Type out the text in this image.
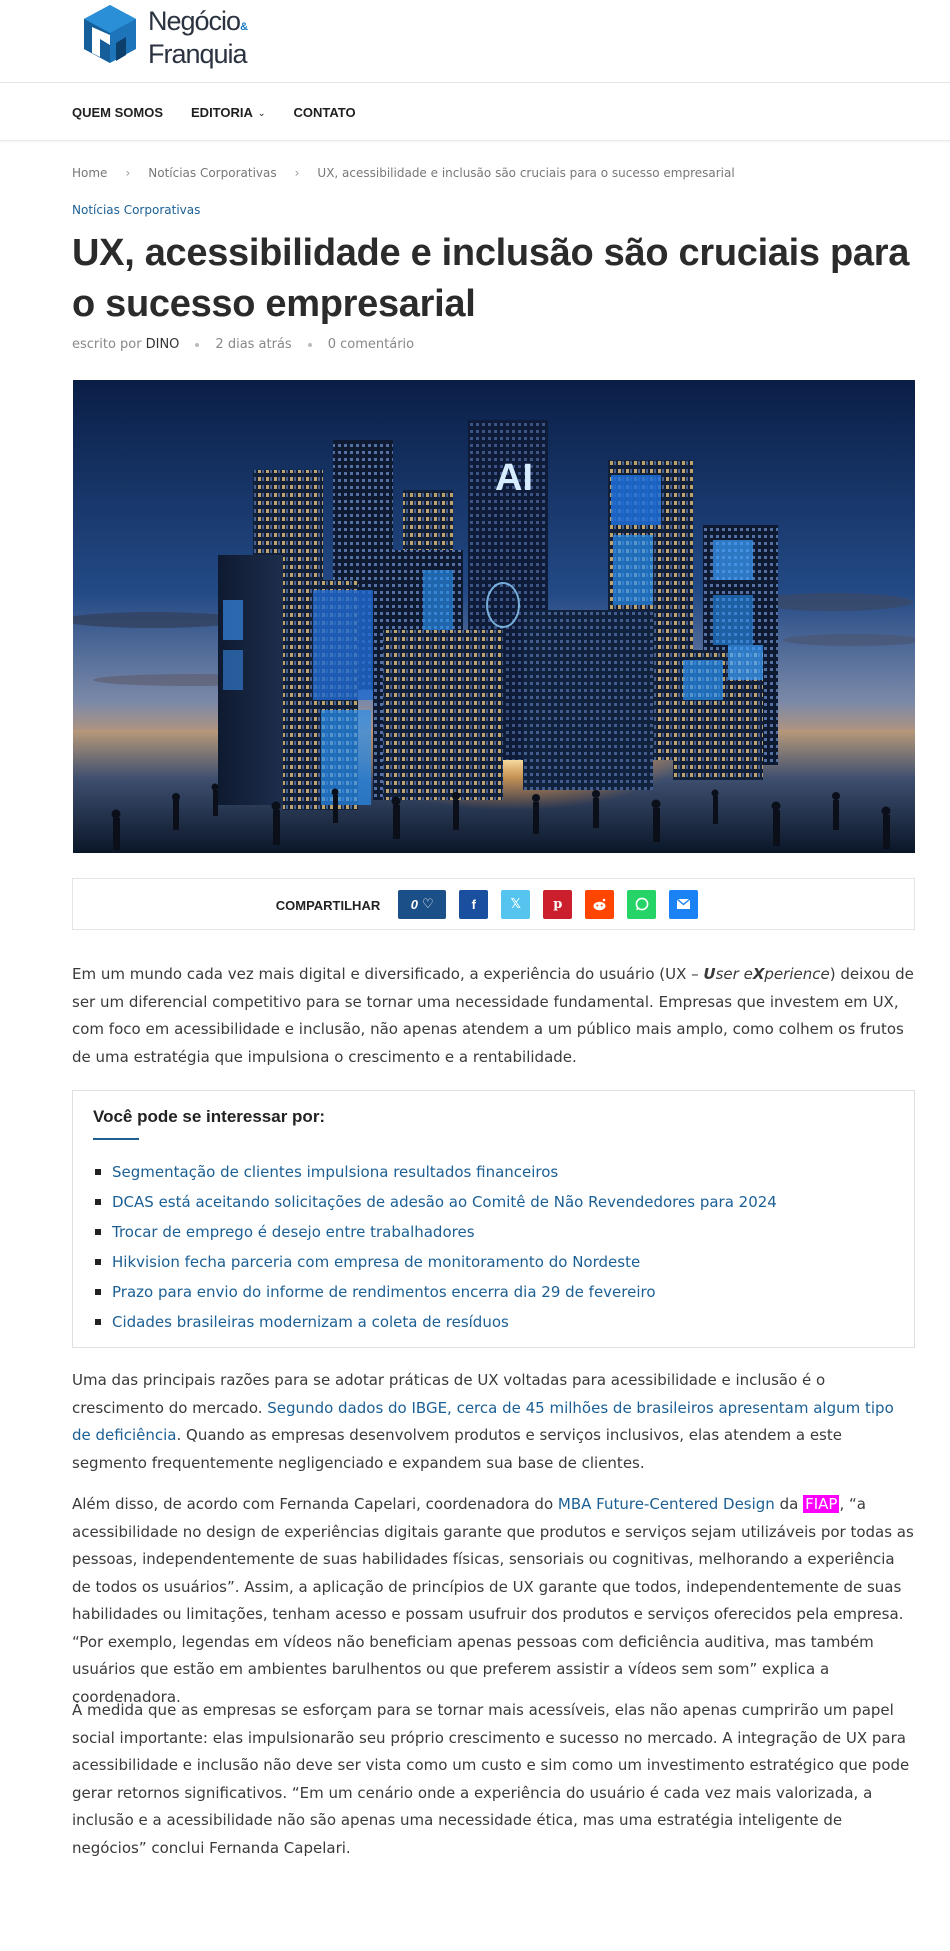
Negócio&
Franquia
QUEM SOMOS EDITORIA ⌄ CONTATO
Home › Notícias Corporativas › UX, acessibilidade e inclusão são cruciais para o sucesso empresarial
Notícias Corporativas
UX, acessibilidade e inclusão são cruciais para o sucesso empresarial
escrito por DINO	2 dias atrás	0 comentário
AI
COMPARTILHAR 0 ♡	f	𝕏 p

Em um mundo cada vez mais digital e diversificado, a experiência do usuário (UX – User eXperience) deixou de ser um diferencial competitivo para se tornar uma necessidade fundamental. Empresas que investem em UX, com foco em acessibilidade e inclusão, não apenas atendem a um público mais amplo, como colhem os frutos de uma estratégia que impulsiona o crescimento e a rentabilidade.

Você pode se interessar por:
Segmentação de clientes impulsiona resultados financeiros
DCAS está aceitando solicitações de adesão ao Comitê de Não Revendedores para 2024
Trocar de emprego é desejo entre trabalhadores
Hikvision fecha parceria com empresa de monitoramento do Nordeste
Prazo para envio do informe de rendimentos encerra dia 29 de fevereiro
Cidades brasileiras modernizam a coleta de resíduos

Uma das principais razões para se adotar práticas de UX voltadas para acessibilidade e inclusão é o crescimento do mercado. Segundo dados do IBGE, cerca de 45 milhões de brasileiros apresentam algum tipo de deficiência. Quando as empresas desenvolvem produtos e serviços inclusivos, elas atendem a este segmento frequentemente negligenciado e expandem sua base de clientes.

Além disso, de acordo com Fernanda Capelari, coordenadora do MBA Future-Centered Design da FIAP , “a acessibilidade no design de experiências digitais garante que produtos e serviços sejam utilizáveis por todas as pessoas, independentemente de suas habilidades físicas, sensoriais ou cognitivas, melhorando a experiência de todos os usuários”. Assim, a aplicação de princípios de UX garante que todos, independentemente de suas habilidades ou limitações, tenham acesso e possam usufruir dos produtos e serviços oferecidos pela empresa. “Por exemplo, legendas em vídeos não beneficiam apenas pessoas com deficiência auditiva, mas também usuários que estão em ambientes barulhentos ou que preferem assistir a vídeos sem som” explica a coordenadora.

À medida que as empresas se esforçam para se tornar mais acessíveis, elas não apenas cumprirão um papel social importante: elas impulsionarão seu próprio crescimento e sucesso no mercado. A integração de UX para acessibilidade e inclusão não deve ser vista como um custo e sim como um investimento estratégico que pode gerar retornos significativos. “Em um cenário onde a experiência do usuário é cada vez mais valorizada, a inclusão e a acessibilidade não são apenas uma necessidade ética, mas uma estratégia inteligente de negócios” conclui Fernanda Capelari.
